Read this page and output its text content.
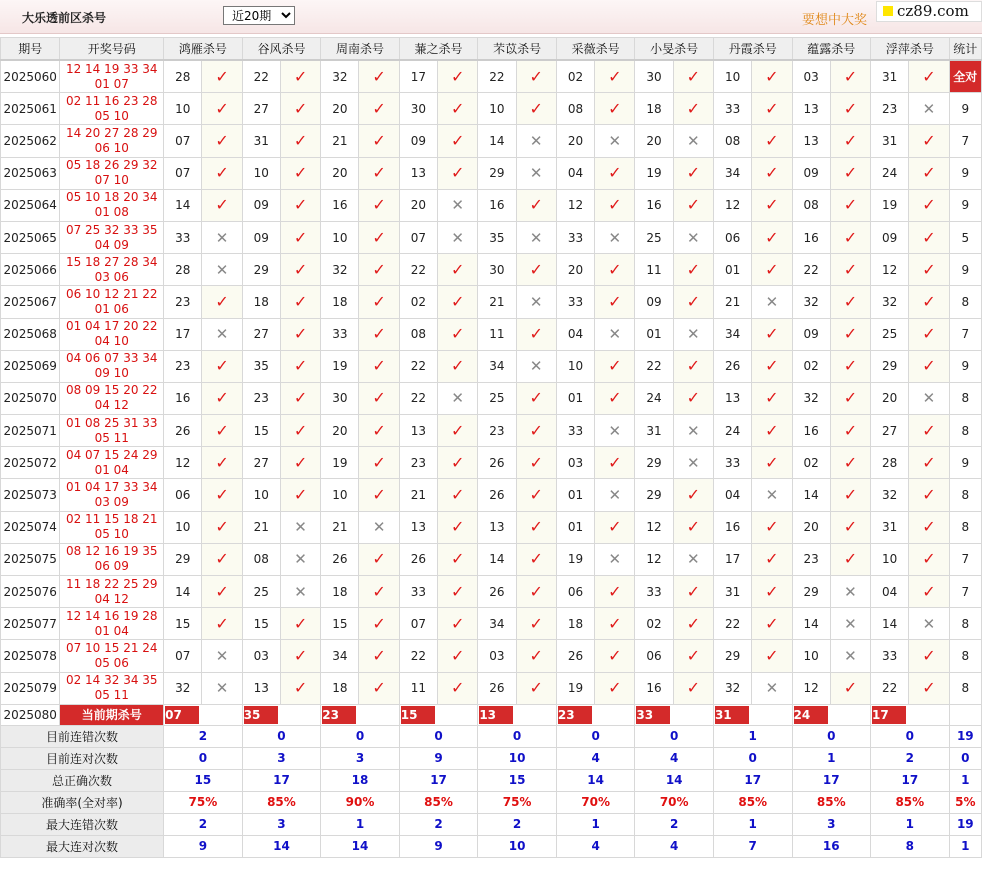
大乐透前区杀号
近20期	要想中大奖
cz89.com
期号	开奖号码	鸿雁杀号		谷风杀号		周南杀号		蒹之杀号		芣苡杀号		采薇杀号		小旻杀号		丹霞杀号		蕴露杀号		浮萍杀号		统计
2025060	12 14 19 33 34
01 07	28	✓	22	✓	32	✓	17	✓	22	✓	02	✓	30	✓	10	✓	03	✓	31	✓	全对
2025061	02 11 16 23 28
05 10	10	✓	27	✓	20	✓	30	✓	10	✓	08	✓	18	✓	33	✓	13	✓	23	✕	9
2025062	14 20 27 28 29
06 10	07	✓	31	✓	21	✓	09	✓	14	✕	20	✕	20	✕	08	✓	13	✓	31	✓	7
2025063	05 18 26 29 32
07 10	07	✓	10	✓	20	✓	13	✓	29	✕	04	✓	19	✓	34	✓	09	✓	24	✓	9
2025064	05 10 18 20 34
01 08	14	✓	09	✓	16	✓	20	✕	16	✓	12	✓	16	✓	12	✓	08	✓	19	✓	9
2025065	07 25 32 33 35
04 09	33	✕	09	✓	10	✓	07	✕	35	✕	33	✕	25	✕	06	✓	16	✓	09	✓	5
2025066	15 18 27 28 34
03 06	28	✕	29	✓	32	✓	22	✓	30	✓	20	✓	11	✓	01	✓	22	✓	12	✓	9
2025067	06 10 12 21 22
01 06	23	✓	18	✓	18	✓	02	✓	21	✕	33	✓	09	✓	21	✕	32	✓	32	✓	8
2025068	01 04 17 20 22
04 10	17	✕	27	✓	33	✓	08	✓	11	✓	04	✕	01	✕	34	✓	09	✓	25	✓	7
2025069	04 06 07 33 34
09 10	23	✓	35	✓	19	✓	22	✓	34	✕	10	✓	22	✓	26	✓	02	✓	29	✓	9
2025070	08 09 15 20 22
04 12	16	✓	23	✓	30	✓	22	✕	25	✓	01	✓	24	✓	13	✓	32	✓	20	✕	8
2025071	01 08 25 31 33
05 11	26	✓	15	✓	20	✓	13	✓	23	✓	33	✕	31	✕	24	✓	16	✓	27	✓	8
2025072	04 07 15 24 29
01 04	12	✓	27	✓	19	✓	23	✓	26	✓	03	✓	29	✕	33	✓	02	✓	28	✓	9
2025073	01 04 17 33 34
03 09	06	✓	10	✓	10	✓	21	✓	26	✓	01	✕	29	✓	04	✕	14	✓	32	✓	8
2025074	02 11 15 18 21
05 10	10	✓	21	✕	21	✕	13	✓	13	✓	01	✓	12	✓	16	✓	20	✓	31	✓	8
2025075	08 12 16 19 35
06 09	29	✓	08	✕	26	✓	26	✓	14	✓	19	✕	12	✕	17	✓	23	✓	10	✓	7
2025076	11 18 22 25 29
04 12	14	✓	25	✕	18	✓	33	✓	26	✓	06	✓	33	✓	31	✓	29	✕	04	✓	7
2025077	12 14 16 19 28
01 04	15	✓	15	✓	15	✓	07	✓	34	✓	18	✓	02	✓	22	✓	14	✕	14	✕	8
2025078	07 10 15 21 24
05 06	07	✕	03	✓	34	✓	22	✓	03	✓	26	✓	06	✓	29	✓	10	✕	33	✓	8
2025079	02 14 32 34 35
05 11	32	✕	13	✓	18	✓	11	✓	26	✓	19	✓	16	✓	32	✕	12	✓	22	✓	8
2025080	当前期杀号	07		35		23		15		13		23		33		31		24		17		

目前连错次数		2		0		0		0		0		0		0		1		0		0		19
目前连对次数		0		3		3		9		10		4		4		0		1		2		0
总正确次数		15		17		18		17		15		14		14		17		17		17		1
准确率(全对率)		75%		85%		90%		85%		75%		70%		70%		85%		85%		85%		5%
最大连错次数		2		3		1		2		2		1		2		1		3		1		19
最大连对次数		9		14		14		9		10		4		4		7		16		8		1
